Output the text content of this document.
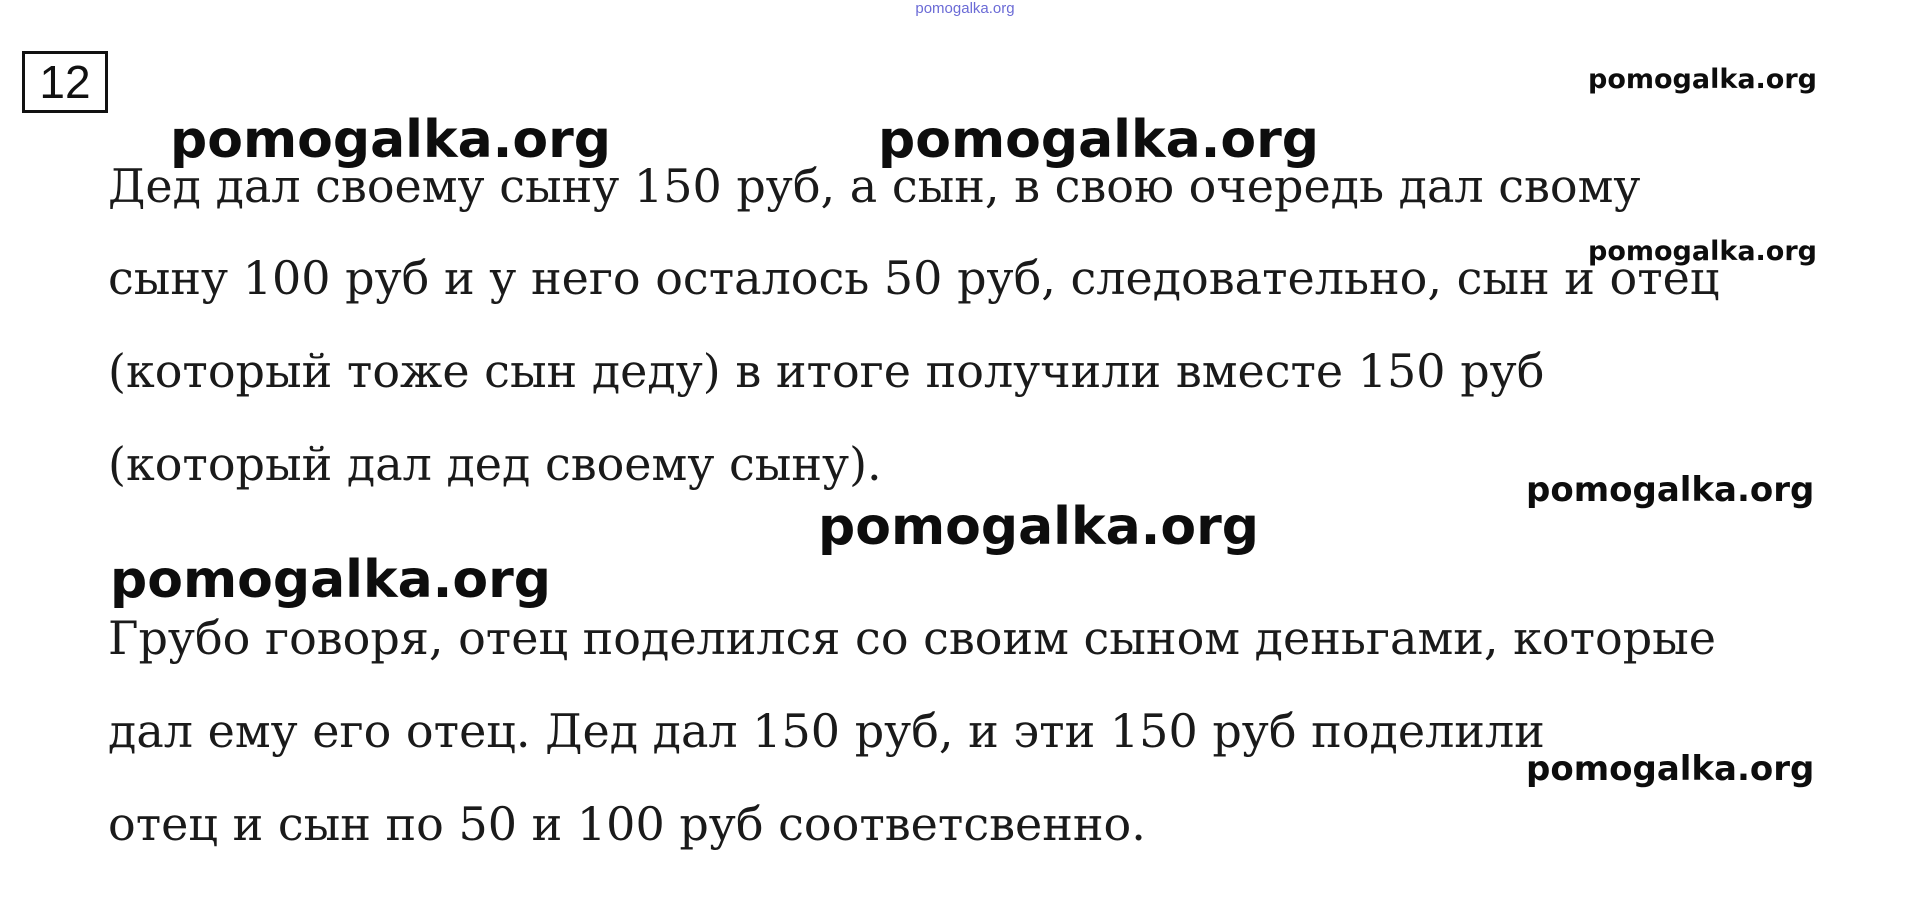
pomogalka.org
12	pomogalka.org
pomogalka.org	pomogalka.org
pomogalka.org
pomogalka.org
pomogalka.org
pomogalka.org
pomogalka.org
Дед дал своему сыну 150 руб, а сын, в свою очередь дал свому
сыну 100 руб и у него осталось 50 руб, следовательно, сын и отец
(который тоже сын деду) в итоге получили вместе 150 руб
(который дал дед своему сыну).
Грубо говоря, отец поделился со своим сыном деньгами, которые
дал ему его отец. Дед дал 150 руб, и эти 150 руб поделили
отец и сын по 50 и 100 руб соответсвенно.
